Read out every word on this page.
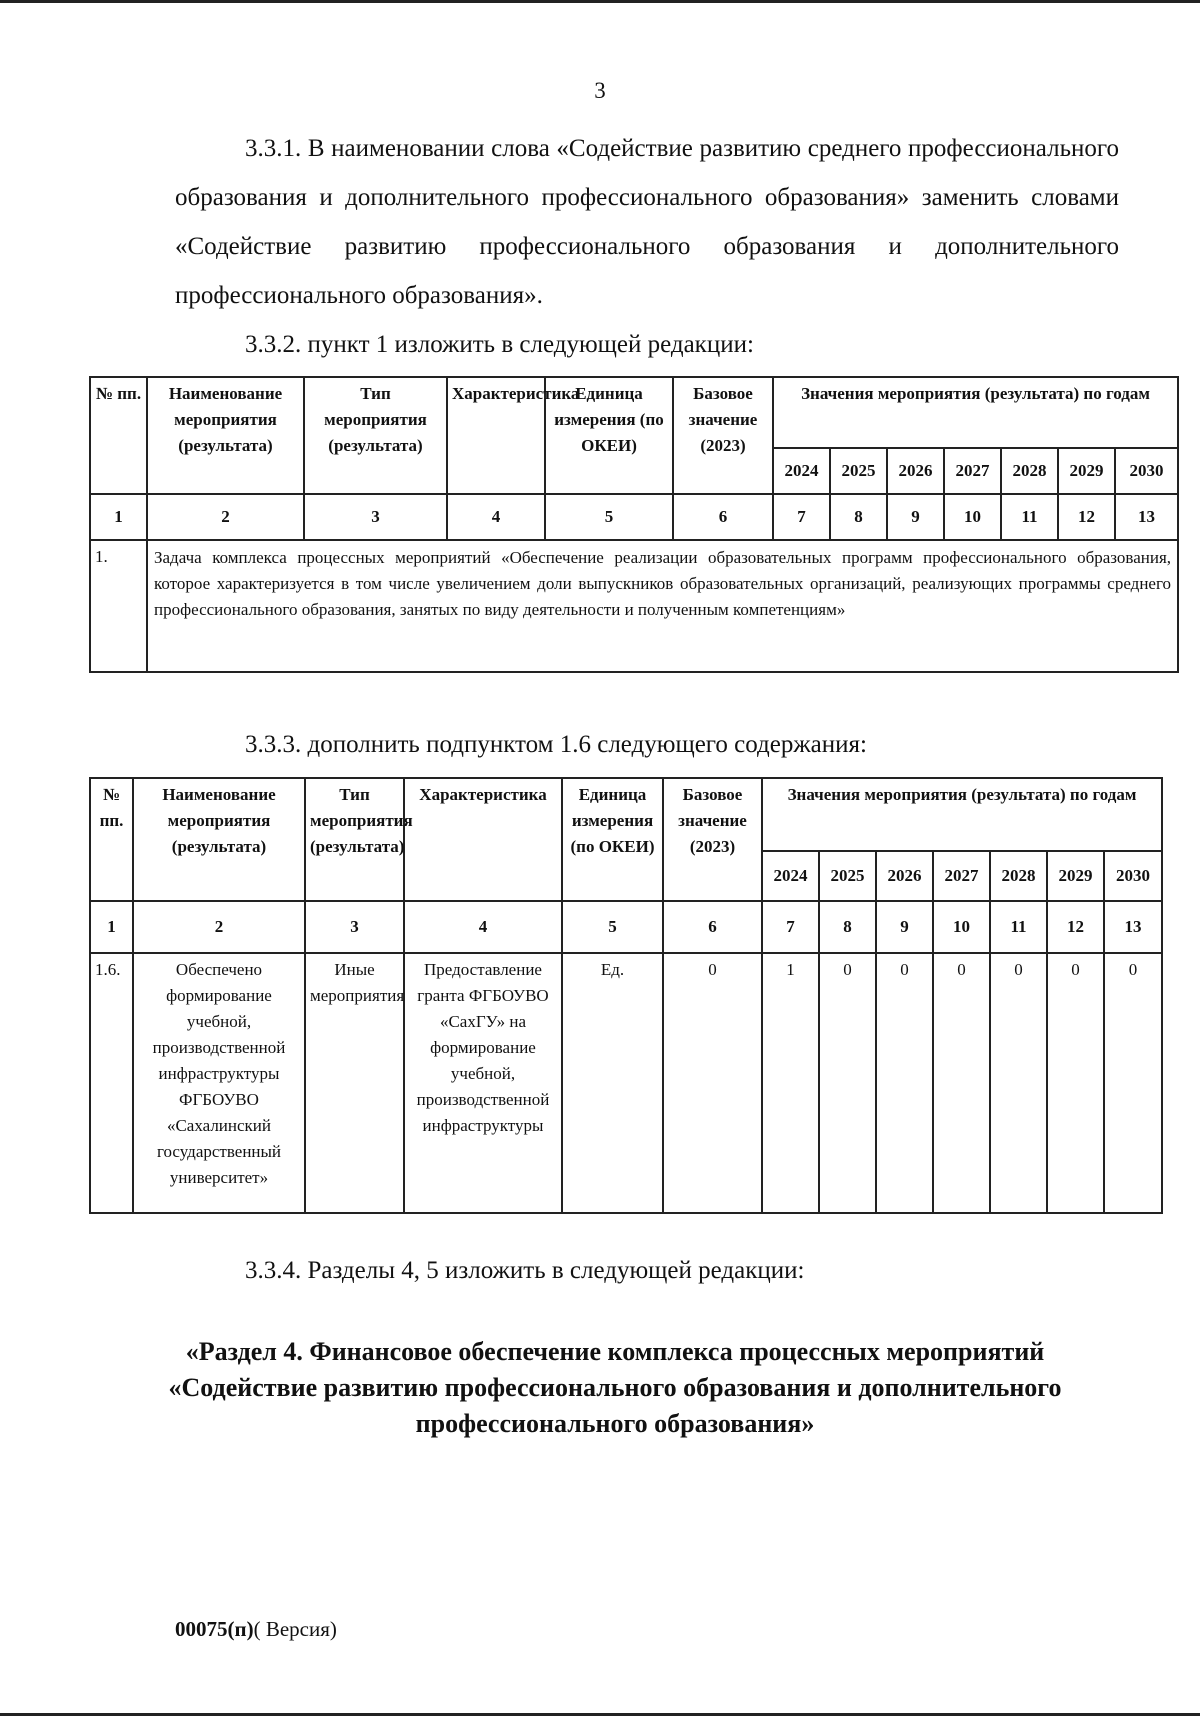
3
3.3.1. В наименовании слова «Содействие развитию среднего профессионального образования и дополнительного профессионального образования» заменить словами «Содействие развитию профессионального образования и дополнительного профессионального образования».
3.3.2. пункт 1 изложить в следующей редакции:
№ пп.	Наименование мероприятия (результата)	Тип мероприятия (результата)	Характеристика	Единица измерения (по ОКЕИ)	Базовое значение (2023)	Значения мероприятия (результата) по годам						
						2024	2025	2026	2027	2028	2029	2030
1	2	3	4	5	6	7	8	9	10	11	12	13
1.	Задача комплекса процессных мероприятий «Обеспечение реализации образовательных программ профессионального образования, которое характеризуется в том числе увеличением доли выпускников образовательных организаций, реализующих программы среднего профессионального образования, занятых по виду деятельности и полученным компетенциям»											
3.3.3. дополнить подпунктом 1.6 следующего содержания:
№ пп.	Наименование мероприятия (результата)	Тип мероприятия (результата)	Характеристика	Единица измерения (по ОКЕИ)	Базовое значение (2023)	Значения мероприятия (результата) по годам						
						2024	2025	2026	2027	2028	2029	2030
1	2	3	4	5	6	7	8	9	10	11	12	13
1.6.	Обеспечено формирование учебной, производственной инфраструктуры ФГБОУВО «Сахалинский государственный университет»	Иные мероприятия	Предоставление гранта ФГБОУВО «СахГУ» на формирование учебной, производственной инфраструктуры	Ед.	0	1	0	0	0	0	0	0
3.3.4. Разделы 4, 5 изложить в следующей редакции:
«Раздел 4. Финансовое обеспечение комплекса процессных мероприятий «Содействие развитию профессионального образования и дополнительного профессионального образования»
00075(п)( Версия)
